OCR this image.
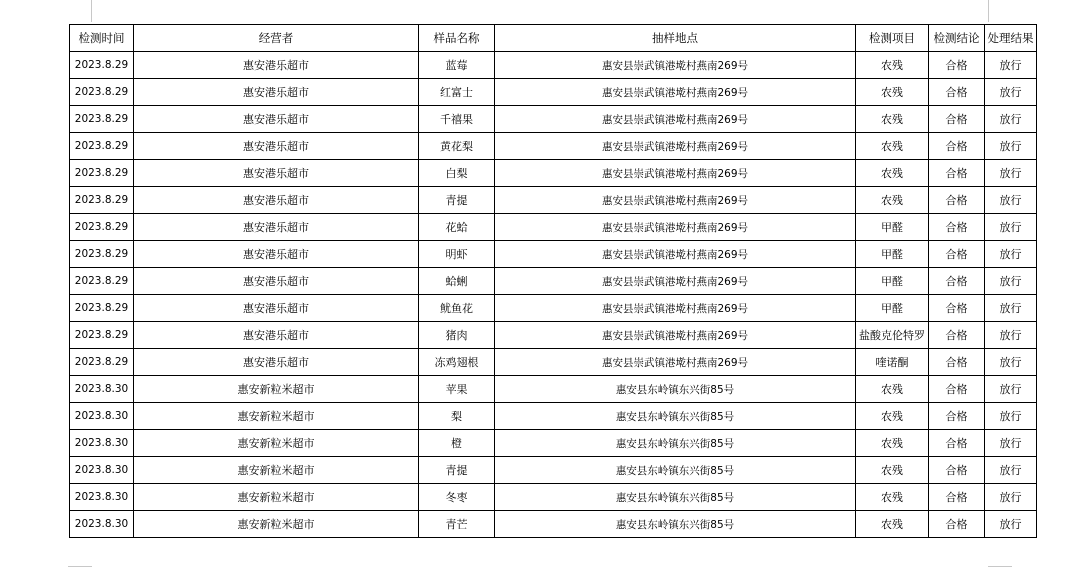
检测时间	经营者	样品名称	抽样地点	检测项目	检测结论	处理结果
2023.8.29	惠安港乐超市	蓝莓	惠安县崇武镇港墘村燕南269号	农残	合格	放行
2023.8.29	惠安港乐超市	红富士	惠安县崇武镇港墘村燕南269号	农残	合格	放行
2023.8.29	惠安港乐超市	千禧果	惠安县崇武镇港墘村燕南269号	农残	合格	放行
2023.8.29	惠安港乐超市	黄花梨	惠安县崇武镇港墘村燕南269号	农残	合格	放行
2023.8.29	惠安港乐超市	白梨	惠安县崇武镇港墘村燕南269号	农残	合格	放行
2023.8.29	惠安港乐超市	青提	惠安县崇武镇港墘村燕南269号	农残	合格	放行
2023.8.29	惠安港乐超市	花蛤	惠安县崇武镇港墘村燕南269号	甲醛	合格	放行
2023.8.29	惠安港乐超市	明虾	惠安县崇武镇港墘村燕南269号	甲醛	合格	放行
2023.8.29	惠安港乐超市	蛤蜊	惠安县崇武镇港墘村燕南269号	甲醛	合格	放行
2023.8.29	惠安港乐超市	鱿鱼花	惠安县崇武镇港墘村燕南269号	甲醛	合格	放行
2023.8.29	惠安港乐超市	猪肉	惠安县崇武镇港墘村燕南269号	盐酸克伦特罗	合格	放行
2023.8.29	惠安港乐超市	冻鸡翅根	惠安县崇武镇港墘村燕南269号	喹诺酮	合格	放行
2023.8.30	惠安新粒米超市	苹果	惠安县东岭镇东兴街85号	农残	合格	放行
2023.8.30	惠安新粒米超市	梨	惠安县东岭镇东兴街85号	农残	合格	放行
2023.8.30	惠安新粒米超市	橙	惠安县东岭镇东兴街85号	农残	合格	放行
2023.8.30	惠安新粒米超市	青提	惠安县东岭镇东兴街85号	农残	合格	放行
2023.8.30	惠安新粒米超市	冬枣	惠安县东岭镇东兴街85号	农残	合格	放行
2023.8.30	惠安新粒米超市	青芒	惠安县东岭镇东兴街85号	农残	合格	放行
